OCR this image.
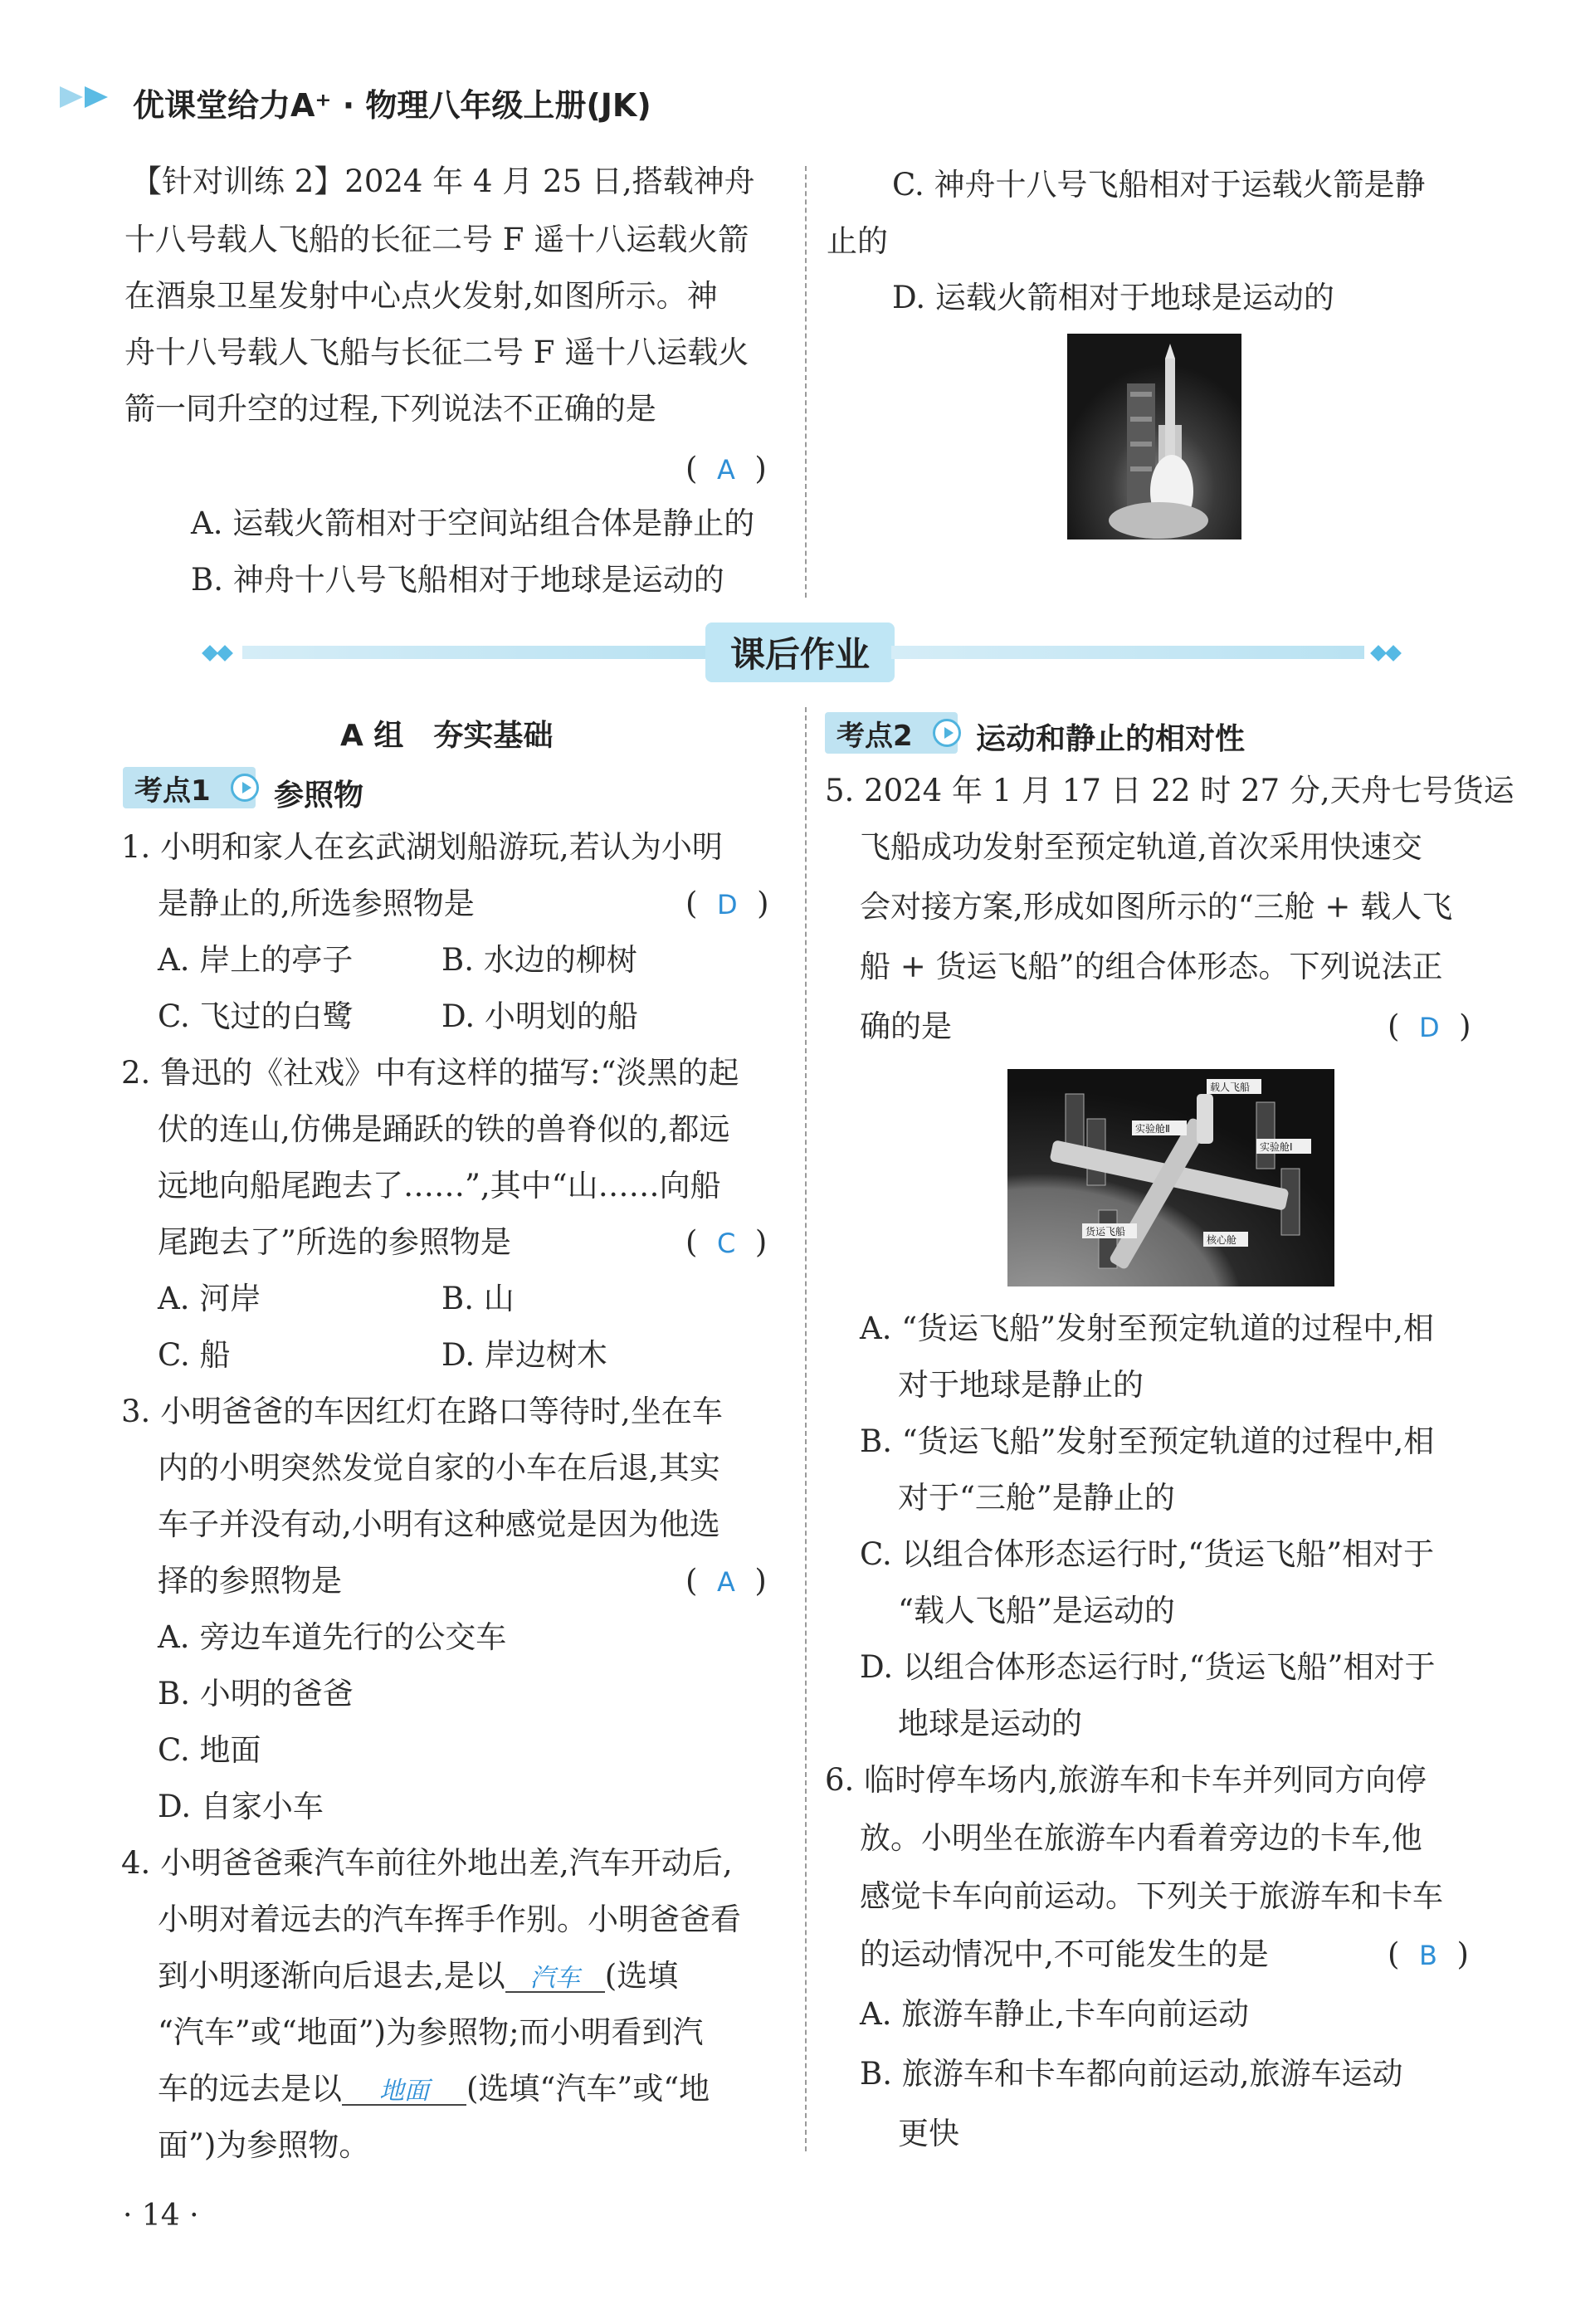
优课堂给力A⁺ · 物理八年级上册(JK)
【针对训练 2】2024 年 4 月 25 日,搭载神舟
十八号载人飞船的长征二号 F 遥十八运载火箭
在酒泉卫星发射中心点火发射,如图所示。神
舟十八号载人飞船与长征二号 F 遥十八运载火
箭一同升空的过程,下列说法不正确的是
(  A  )
A. 运载火箭相对于空间站组合体是静止的
B. 神舟十八号飞船相对于地球是运动的
C. 神舟十八号飞船相对于运载火箭是静
止的
D. 运载火箭相对于地球是运动的
课后作业
A 组　夯实基础
考点1	参照物
1. 小明和家人在玄武湖划船游玩,若认为小明
是静止的,所选参照物是	(  D  )
A. 岸上的亭子	B. 水边的柳树
C. 飞过的白鹭	D. 小明划的船
2. 鲁迅的《社戏》中有这样的描写:“淡黑的起
伏的连山,仿佛是踊跃的铁的兽脊似的,都远
远地向船尾跑去了……”,其中“山……向船
尾跑去了”所选的参照物是	(  C  )
A. 河岸	B. 山
C. 船	D. 岸边树木
3. 小明爸爸的车因红灯在路口等待时,坐在车
内的小明突然发觉自家的小车在后退,其实
车子并没有动,小明有这种感觉是因为他选
择的参照物是	(  A  )
A. 旁边车道先行的公交车
B. 小明的爸爸
C. 地面
D. 自家小车
4. 小明爸爸乘汽车前往外地出差,汽车开动后,
小明对着远去的汽车挥手作别。小明爸爸看
到小明逐渐向后退去,是以 汽车 (选填
“汽车”或“地面”)为参照物;而小明看到汽
车的远去是以 地面 (选填“汽车”或“地
面”)为参照物。
考点2	运动和静止的相对性
5. 2024 年 1 月 17 日 22 时 27 分,天舟七号货运
飞船成功发射至预定轨道,首次采用快速交
会对接方案,形成如图所示的“三舱 + 载人飞
船 + 货运飞船”的组合体形态。下列说法正
确的是	(  D  )
载人飞船
实验舱Ⅱ
实验舱Ⅰ
货运飞船
核心舱
A. “货运飞船”发射至预定轨道的过程中,相
对于地球是静止的
B. “货运飞船”发射至预定轨道的过程中,相
对于“三舱”是静止的
C. 以组合体形态运行时,“货运飞船”相对于
“载人飞船”是运动的
D. 以组合体形态运行时,“货运飞船”相对于
地球是运动的
6. 临时停车场内,旅游车和卡车并列同方向停
放。小明坐在旅游车内看着旁边的卡车,他
感觉卡车向前运动。下列关于旅游车和卡车
的运动情况中,不可能发生的是	(  B  )
A. 旅游车静止,卡车向前运动
B. 旅游车和卡车都向前运动,旅游车运动
更快
· 14 ·
